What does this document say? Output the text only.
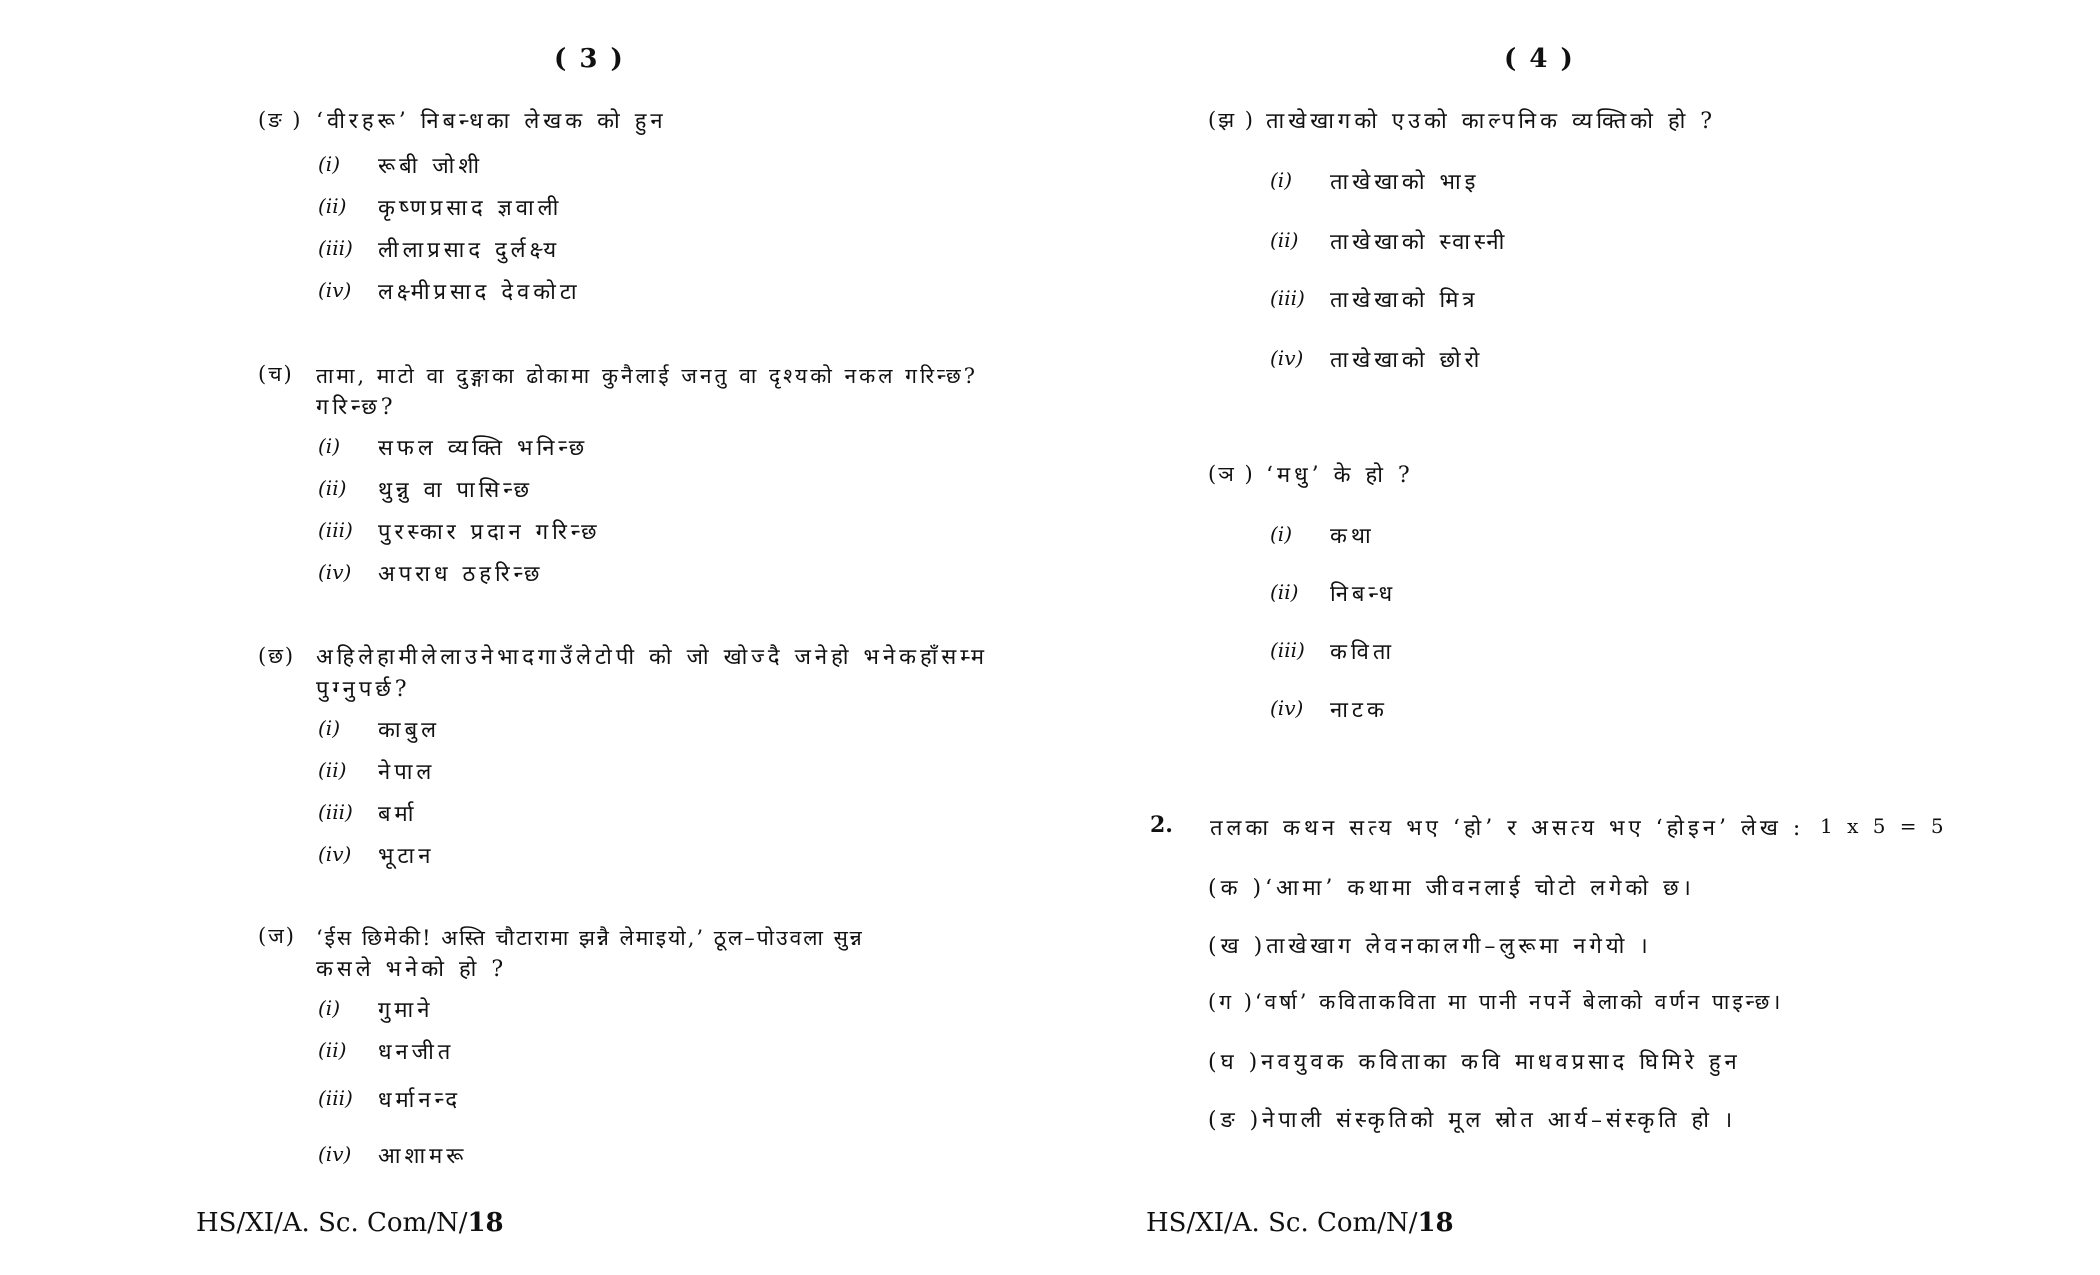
( 3 )
(ङ ) ‘वीरहरू’ निबन्धका लेखक को हुन
(i) रूबी जोशी
(ii) कृष्णप्रसाद ज्ञवाली
(iii) लीलाप्रसाद दुर्लक्ष्य
(iv) लक्ष्मीप्रसाद देवकोटा
(च) तामा, माटो वा दुङ्गाका ढोकामा कुनैलाई जनतु वा दृश्यको नकल गरिन्छ?
गरिन्छ?
(i) सफल व्यक्ति भनिन्छ
(ii) थुन्नु वा पासिन्छ
(iii) पुरस्कार प्रदान गरिन्छ
(iv) अपराध ठहरिन्छ
(छ) अहिलेहामीलेलाउनेभादगाउँलेटोपी को जो खोज्दै जनेहो भनेकहाँसम्म
पुग्नुपर्छ?
(i) काबुल
(ii) नेपाल
(iii) बर्मा
(iv) भूटान
(ज) ‘ईस छिमेकी! अस्ति चौटारामा झन्नै लेमाइयो,’ ठूल–पोउवला सुन्न
कसले भनेको हो ?
(i) गुमाने
(ii) धनजीत
(iii) धर्मानन्द
(iv) आशामरू
HS/XI/A. Sc. Com/N/18
( 4 )
(झ ) ताखेखागको एउको काल्पनिक व्यक्तिको हो ?
(i) ताखेखाको भाइ
(ii) ताखेखाको स्वास्नी
(iii) ताखेखाको मित्र
(iv) ताखेखाको छोरो
(ञ ) ‘मधु’ के हो ?
(i) कथा
(ii) निबन्ध
(iii) कविता
(iv) नाटक
2. तलका कथन सत्य भए ‘हो’ र असत्य भए ‘होइन’ लेख : 1 x 5 = 5
(क )‘आमा’ कथामा जीवनलाई चोटो लगेको छ।
(ख )ताखेखाग लेवनकालगी–लुरूमा नगेयो ।
(ग )‘वर्षा’ कविताकविता मा पानी नपर्ने बेलाको वर्णन पाइन्छ।
(घ )नवयुवक कविताका कवि माधवप्रसाद घिमिरे हुन
(ङ )नेपाली संस्कृतिको मूल स्रोत आर्य–संस्कृति हो ।
HS/XI/A. Sc. Com/N/18
